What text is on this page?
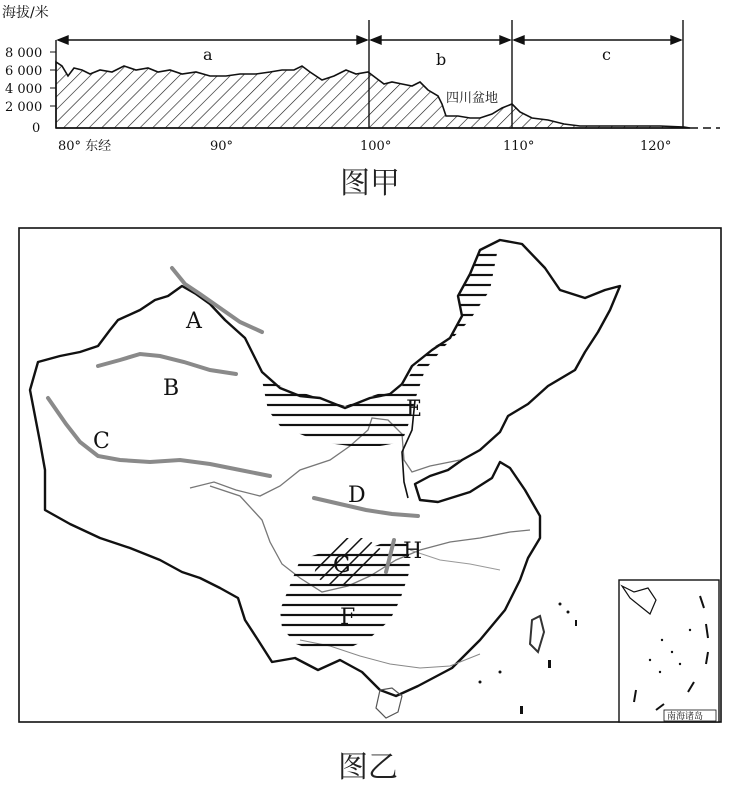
海拔/米
8 000
6 000
4 000
2 000
0
a	b	c
四川盆地
80° 东经	90°	100°	110°	120°
图甲
A
B
C
D
E
F
G
H
南海诸岛
图乙
